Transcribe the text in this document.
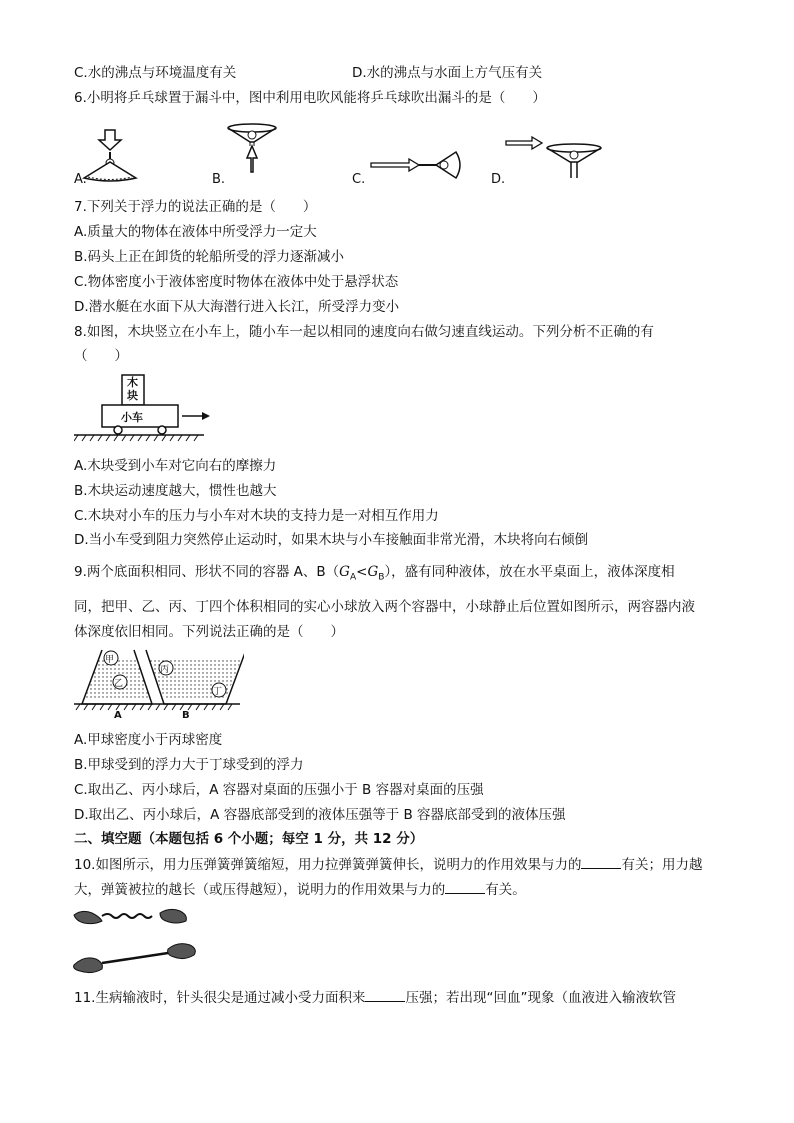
C.水的沸点与环境温度有关	D.水的沸点与水面上方气压有关
6.小明将乒乓球置于漏斗中，图中利用电吹风能将乒乓球吹出漏斗的是（　　）
A.	B.	C.	D.
7.下列关于浮力的说法正确的是（　　）
A.质量大的物体在液体中所受浮力一定大
B.码头上正在卸货的轮船所受的浮力逐渐减小
C.物体密度小于液体密度时物体在液体中处于悬浮状态
D.潜水艇在水面下从大海潜行进入长江，所受浮力变小
8.如图，木块竖立在小车上，随小车一起以相同的速度向右做匀速直线运动。下列分析不正确的有
（　　）
木
块
小车
A.木块受到小车对它向右的摩擦力
B.木块运动速度越大，惯性也越大
C.木块对小车的压力与小车对木块的支持力是一对相互作用力
D.当小车受到阻力突然停止运动时，如果木块与小车接触面非常光滑，木块将向右倾倒
9.两个底面积相同、形状不同的容器 A、$B(G_A<G_B)$，盛有同种液体，放在水平桌面上，液体深度相
同，把甲、乙、丙、丁四个体积相同的实心小球放入两个容器中，小球静止后位置如图所示，两容器内液
体深度依旧相同。下列说法正确的是（　　）
甲
乙
丙
丁
A	B
A.甲球密度小于丙球密度
B.甲球受到的浮力大于丁球受到的浮力
C.取出乙、丙小球后，A 容器对桌面的压强小于 B 容器对桌面的压强
D.取出乙、丙小球后，A 容器底部受到的液体压强等于 B 容器底部受到的液体压强
二、填空题（本题包括 6 个小题；每空 1 分，共 12 分）
10.如图所示，用力压弹簧弹簧缩短，用力拉弹簧弹簧伸长，说明力的作用效果与力的	有关；用力越
大，弹簧被拉的越长（或压得越短），说明力的作用效果与力的	有关。
11.生病输液时，针头很尖是通过减小受力面积来	压强；若出现“回血”现象（血液进入输液软管
